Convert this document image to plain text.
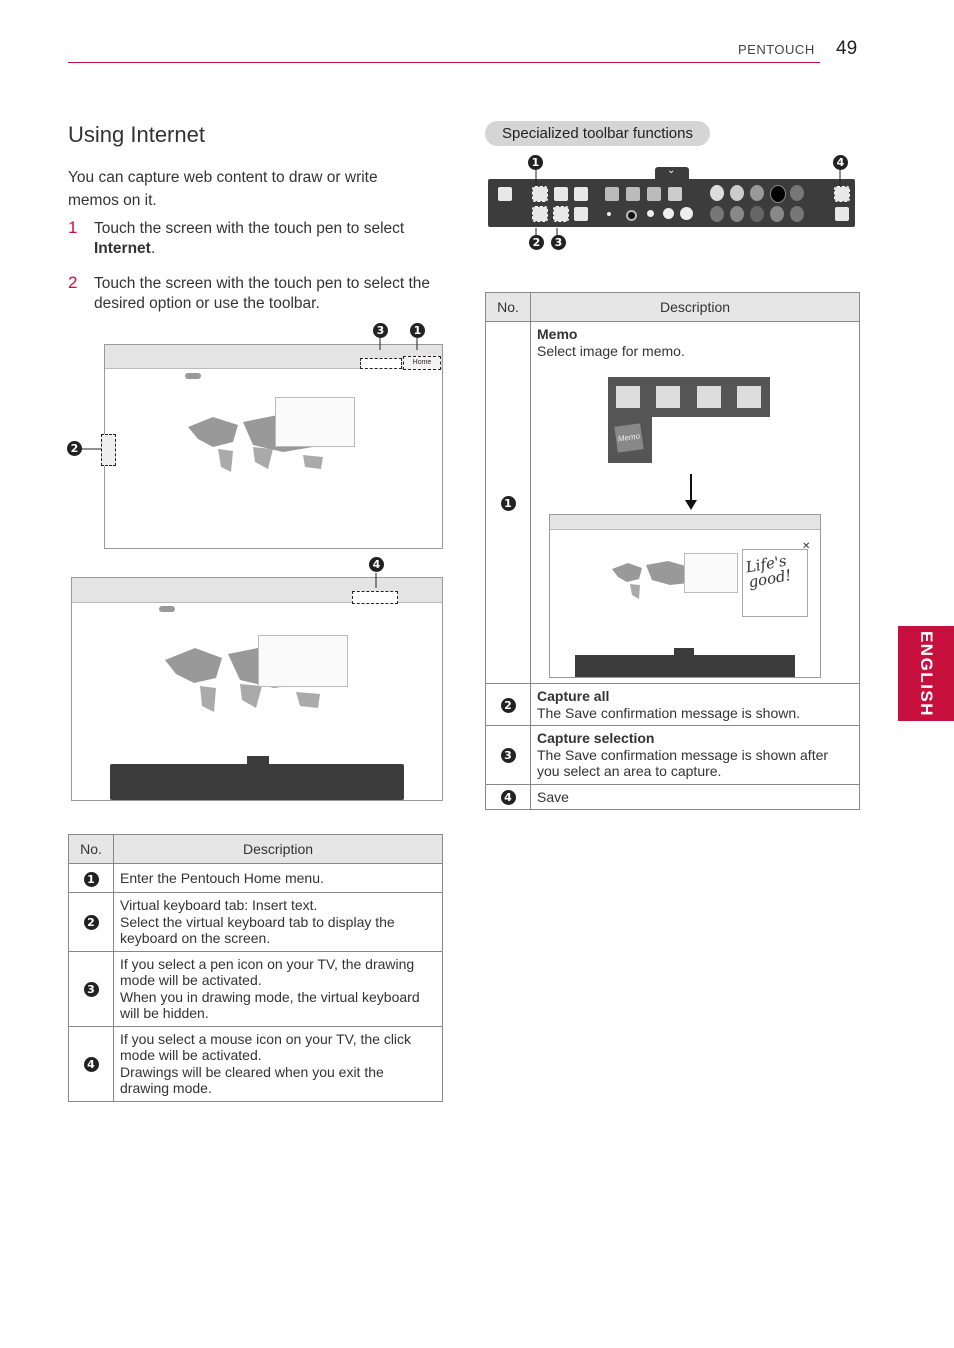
PENTOUCH 49
ENGLISH
Using Internet
You can capture web content to draw or write memos on it.
1 Touch the screen with the touch pen to select Internet.
2 Touch the screen with the touch pen to select the desired option or use the toolbar.
Home
3	1
2
4
No.	Description
1	Enter the Pentouch Home menu.
2	Virtual keyboard tab: Insert text.
Select the virtual keyboard tab to display the keyboard on the screen.

3	If you select a pen icon on your TV, the drawing mode will be activated.
When you in drawing mode, the virtual keyboard will be hidden.

4	If you select a mouse icon on your TV, the click mode will be activated.
Drawings will be cleared when you exit the drawing mode.
Specialized toolbar functions
⌄
1	4
2	3
No.	Description
1	Memo
Select image for memo.
Memo
Life's good!
✕

2	Capture all
The Save confirmation message is shown.

3	Capture selection
The Save confirmation message is shown after you select an area to capture.

4	Save
